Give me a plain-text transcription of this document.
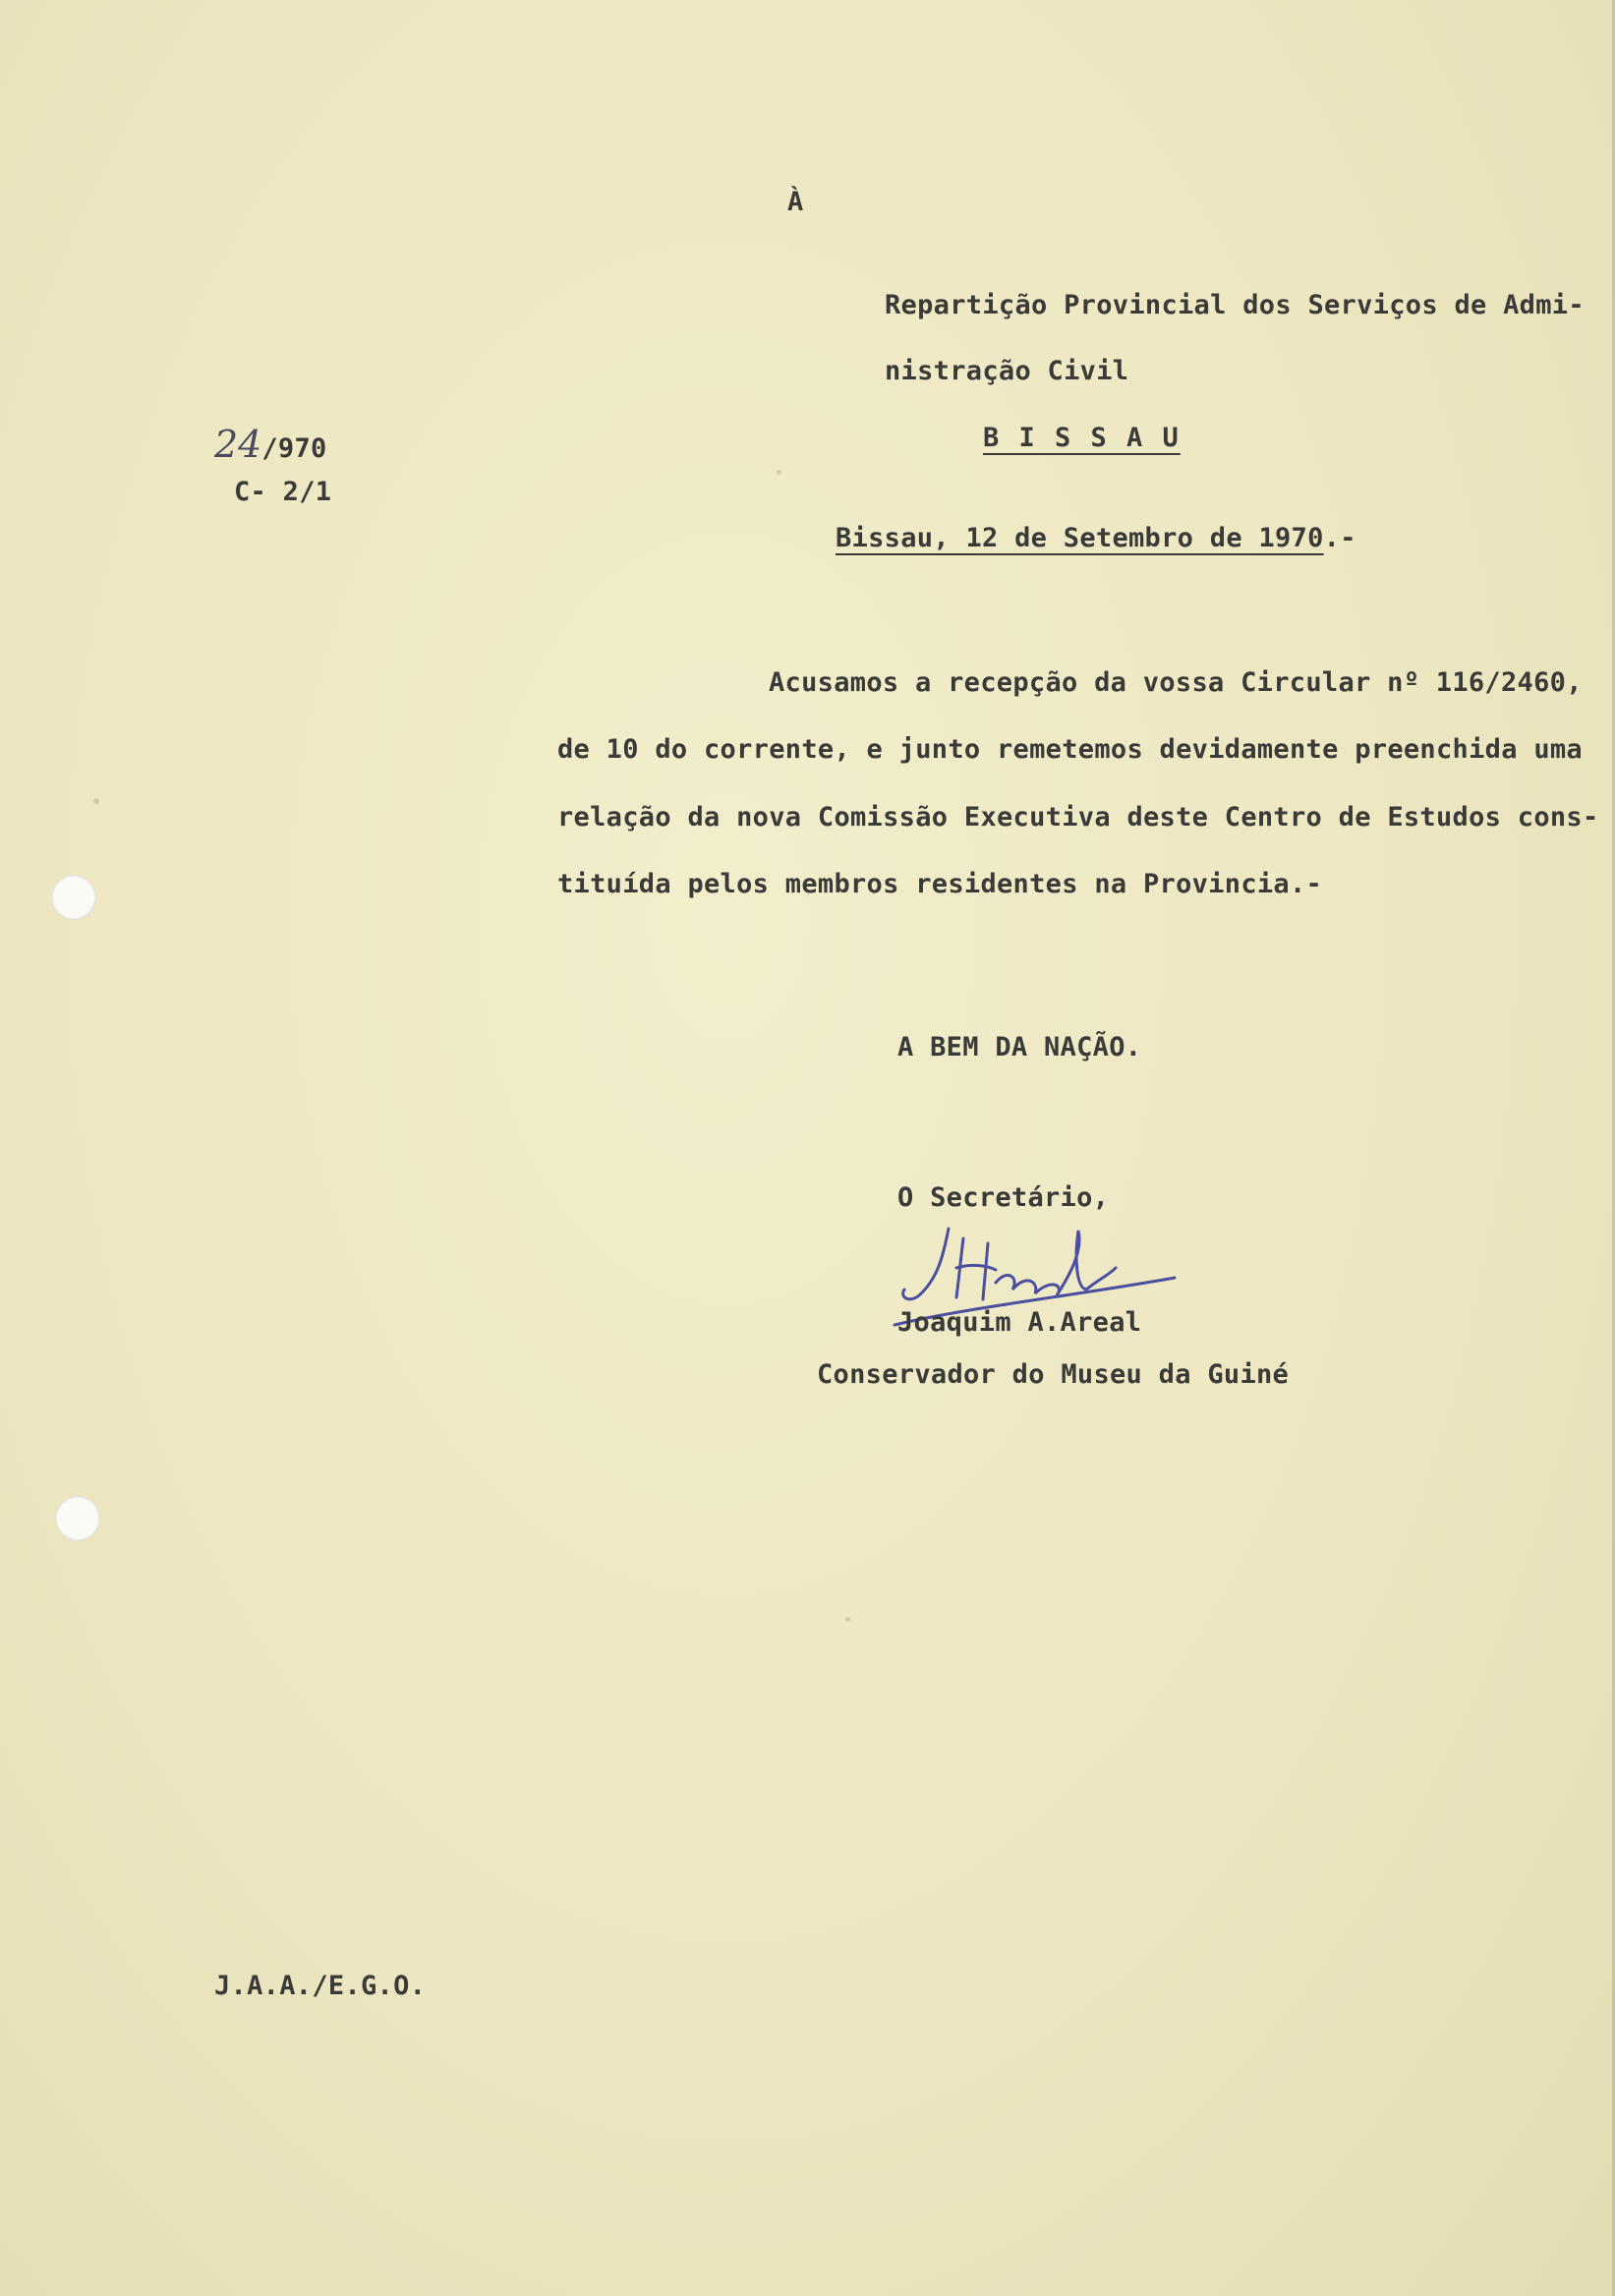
À
Repartição Provincial dos Serviços de Admi-
nistração Civil
B I S S A U
24/970
C- 2/1
Bissau, 12 de Setembro de 1970.-
Acusamos a recepção da vossa Circular nº 116/2460,
de 10 do corrente, e junto remetemos devidamente preenchida uma
relação da nova Comissão Executiva deste Centro de Estudos cons-
tituída pelos membros residentes na Provincia.-
A BEM DA NAÇÃO.
O Secretário,
Joaquim A.Areal
Conservador do Museu da Guiné
J.A.A./E.G.O.
